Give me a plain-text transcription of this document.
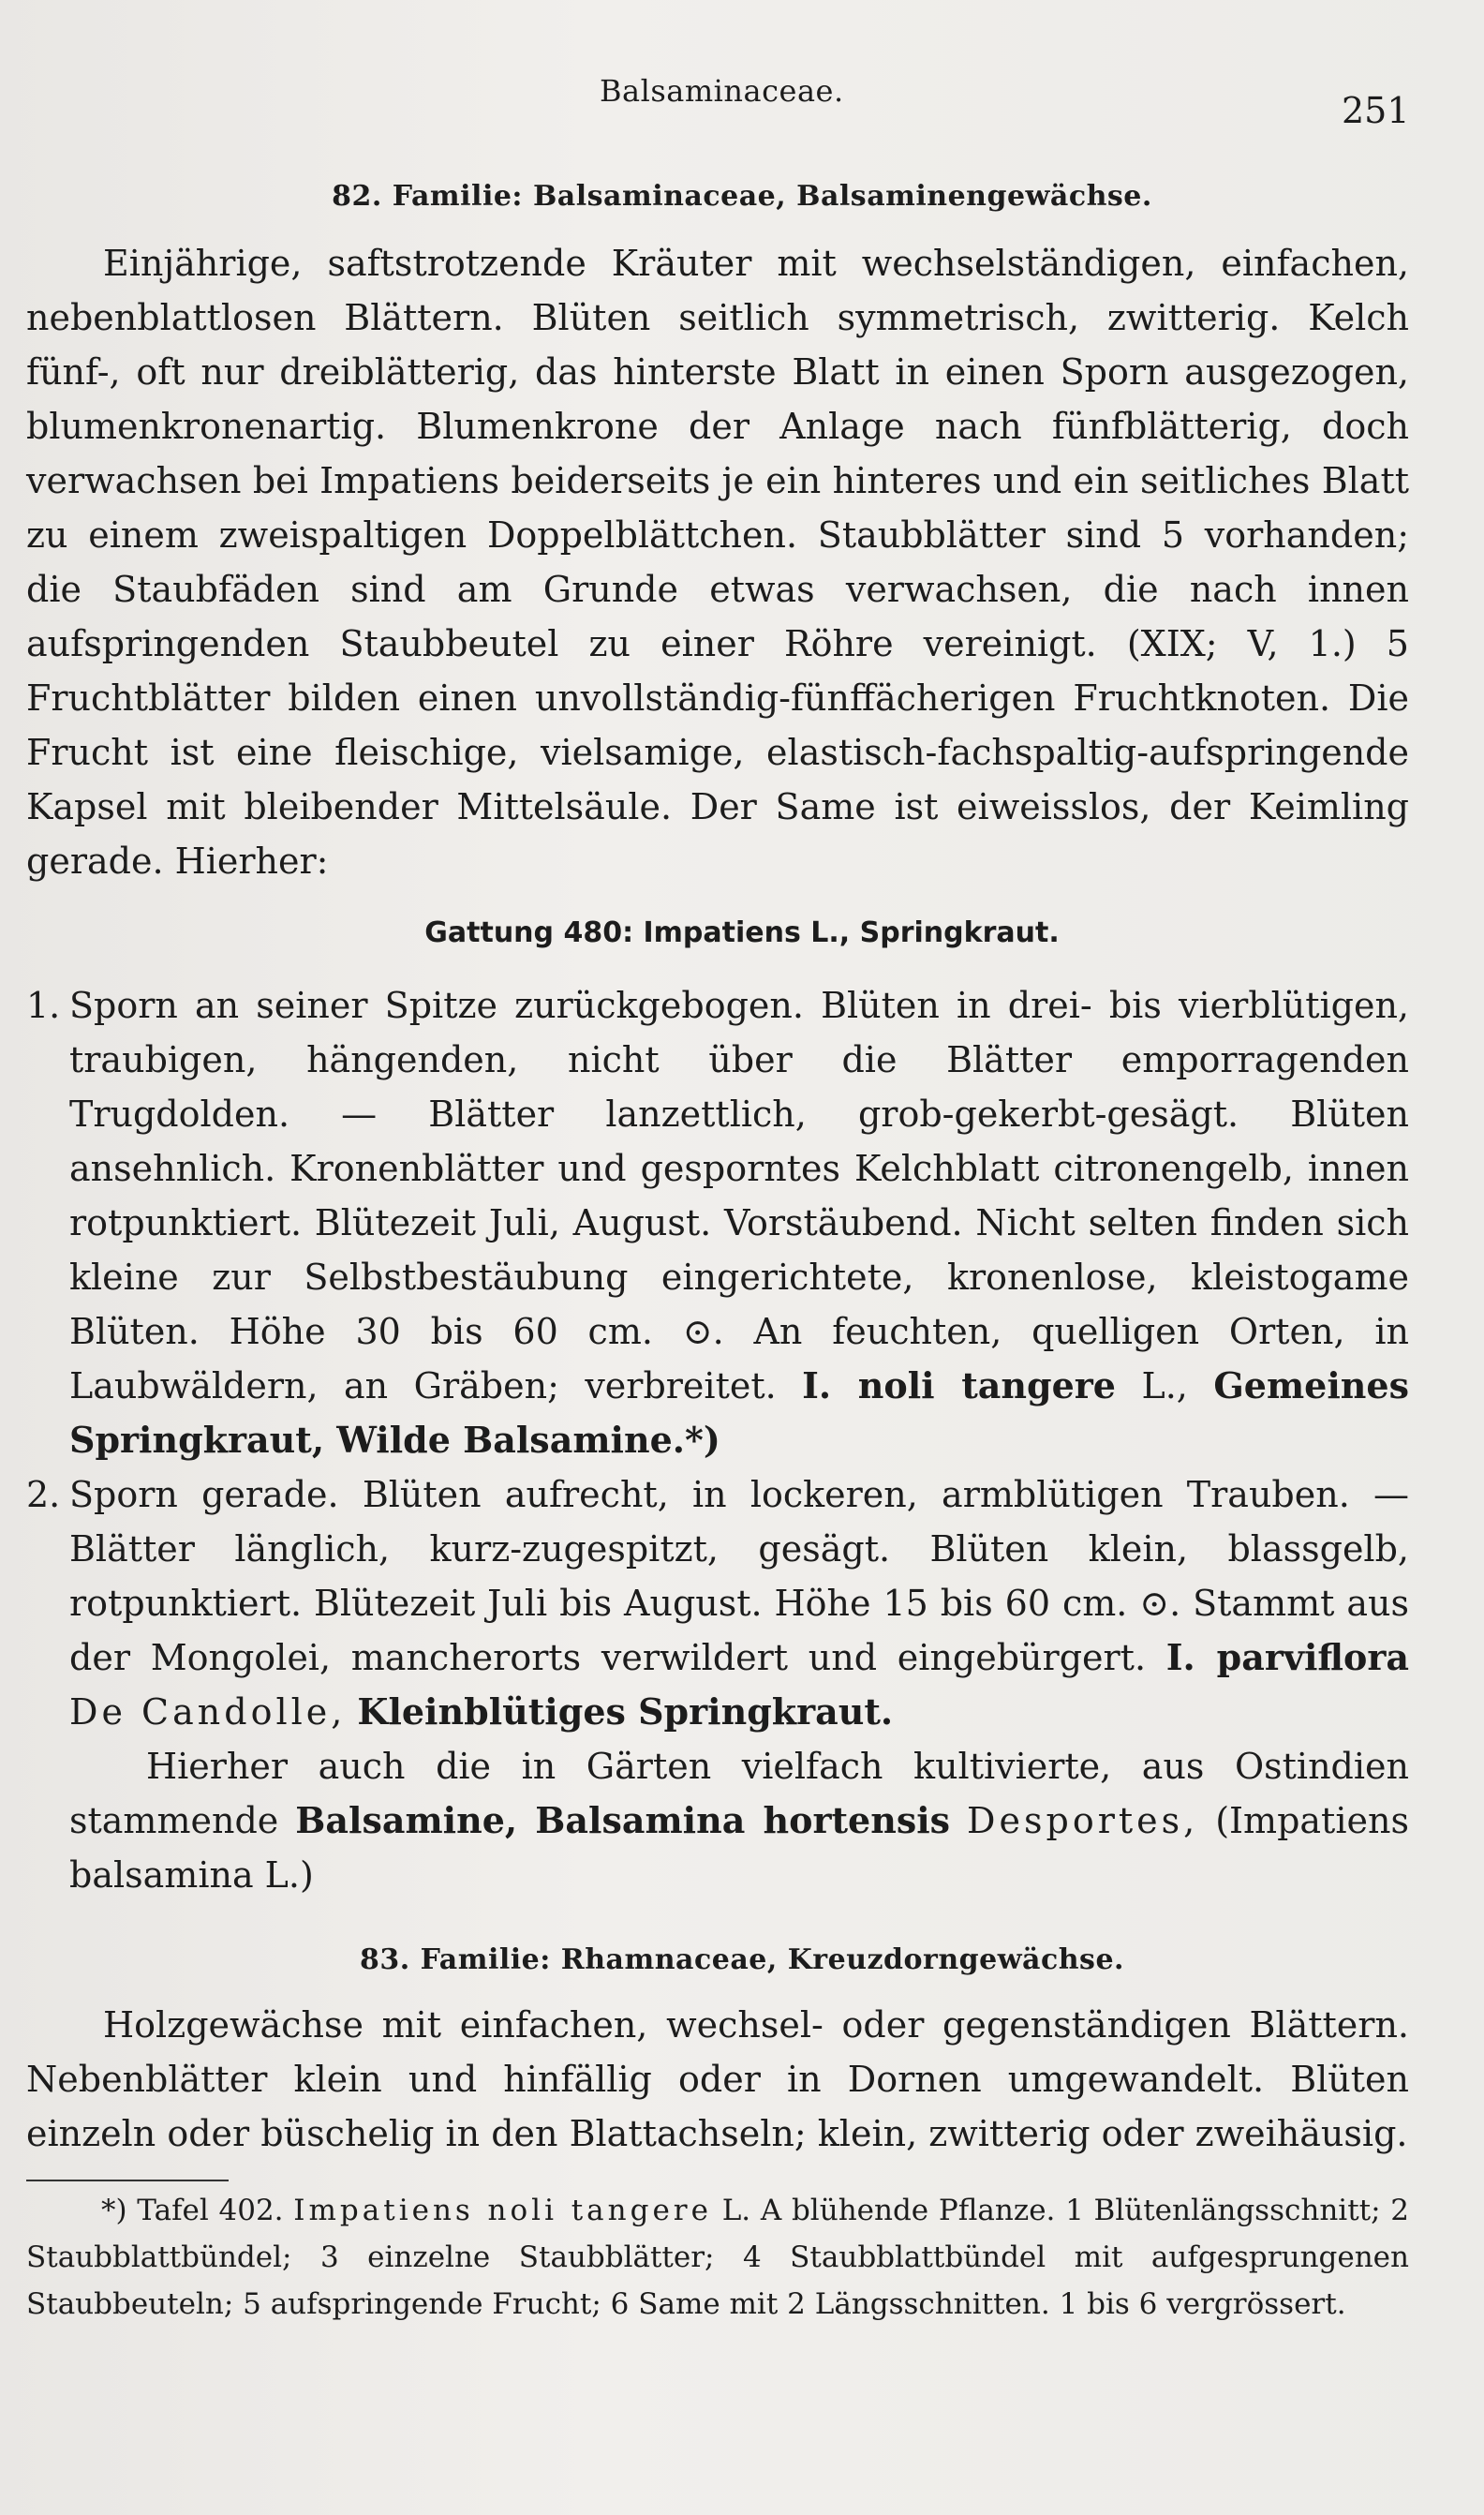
Balsaminaceae.	251
82. Familie: Balsaminaceae, Balsaminengewächse.

Einjährige, saftstrotzende Kräuter mit wechselständigen, einfachen, nebenblattlosen Blättern. Blüten seitlich symmetrisch, zwitterig. Kelch fünf-, oft nur dreiblätterig, das hinterste Blatt in einen Sporn ausgezogen, blumenkronenartig. Blumenkrone der Anlage nach fünfblätterig, doch verwachsen bei Impatiens beiderseits je ein hinteres und ein seitliches Blatt zu einem zweispaltigen Doppelblättchen. Staubblätter sind 5 vorhanden; die Staubfäden sind am Grunde etwas verwachsen, die nach innen aufspringenden Staubbeutel zu einer Röhre vereinigt. (XIX; V, 1.) 5 Fruchtblätter bilden einen unvollständig-fünffächerigen Fruchtknoten. Die Frucht ist eine fleischige, vielsamige, elastisch-fachspaltig-aufspringende Kapsel mit bleibender Mittelsäule. Der Same ist eiweisslos, der Keimling gerade. Hierher:

Gattung 480: Impatiens L., Springkraut.

1. Sporn an seiner Spitze zurückgebogen. Blüten in drei- bis vierblütigen, traubigen, hängenden, nicht über die Blätter emporragenden Trugdolden. — Blätter lanzettlich, grob-gekerbt-gesägt. Blüten ansehnlich. Kronenblätter und gesporntes Kelchblatt citronengelb, innen rotpunktiert. Blütezeit Juli, August. Vorstäubend. Nicht selten finden sich kleine zur Selbstbestäubung eingerichtete, kronenlose, kleistogame Blüten. Höhe 30 bis 60 cm. ⊙. An feuchten, quelligen Orten, in Laubwäldern, an Gräben; verbreitet. I. noli tangere L., Gemeines Springkraut, Wilde Balsamine.*)

2. Sporn gerade. Blüten aufrecht, in lockeren, armblütigen Trauben. — Blätter länglich, kurz-zugespitzt, gesägt. Blüten klein, blassgelb, rotpunktiert. Blütezeit Juli bis August. Höhe 15 bis 60 cm. ⊙. Stammt aus der Mongolei, mancherorts verwildert und eingebürgert. I. parviflora De Candolle, Kleinblütiges Springkraut.

Hierher auch die in Gärten vielfach kultivierte, aus Ostindien stammende Balsamine, Balsamina hortensis Desportes, (Impatiens balsamina L.)

83. Familie: Rhamnaceae, Kreuzdorngewächse.

Holzgewächse mit einfachen, wechsel- oder gegenständigen Blättern. Nebenblätter klein und hinfällig oder in Dornen umgewandelt. Blüten einzeln oder büschelig in den Blattachseln; klein, zwitterig oder zweihäusig.

*) Tafel 402. Impatiens noli tangere L. A blühende Pflanze. 1 Blütenlängsschnitt; 2 Staubblattbündel; 3 einzelne Staubblätter; 4 Staubblattbündel mit aufgesprungenen Staubbeuteln; 5 aufspringende Frucht; 6 Same mit 2 Längsschnitten. 1 bis 6 vergrössert.
